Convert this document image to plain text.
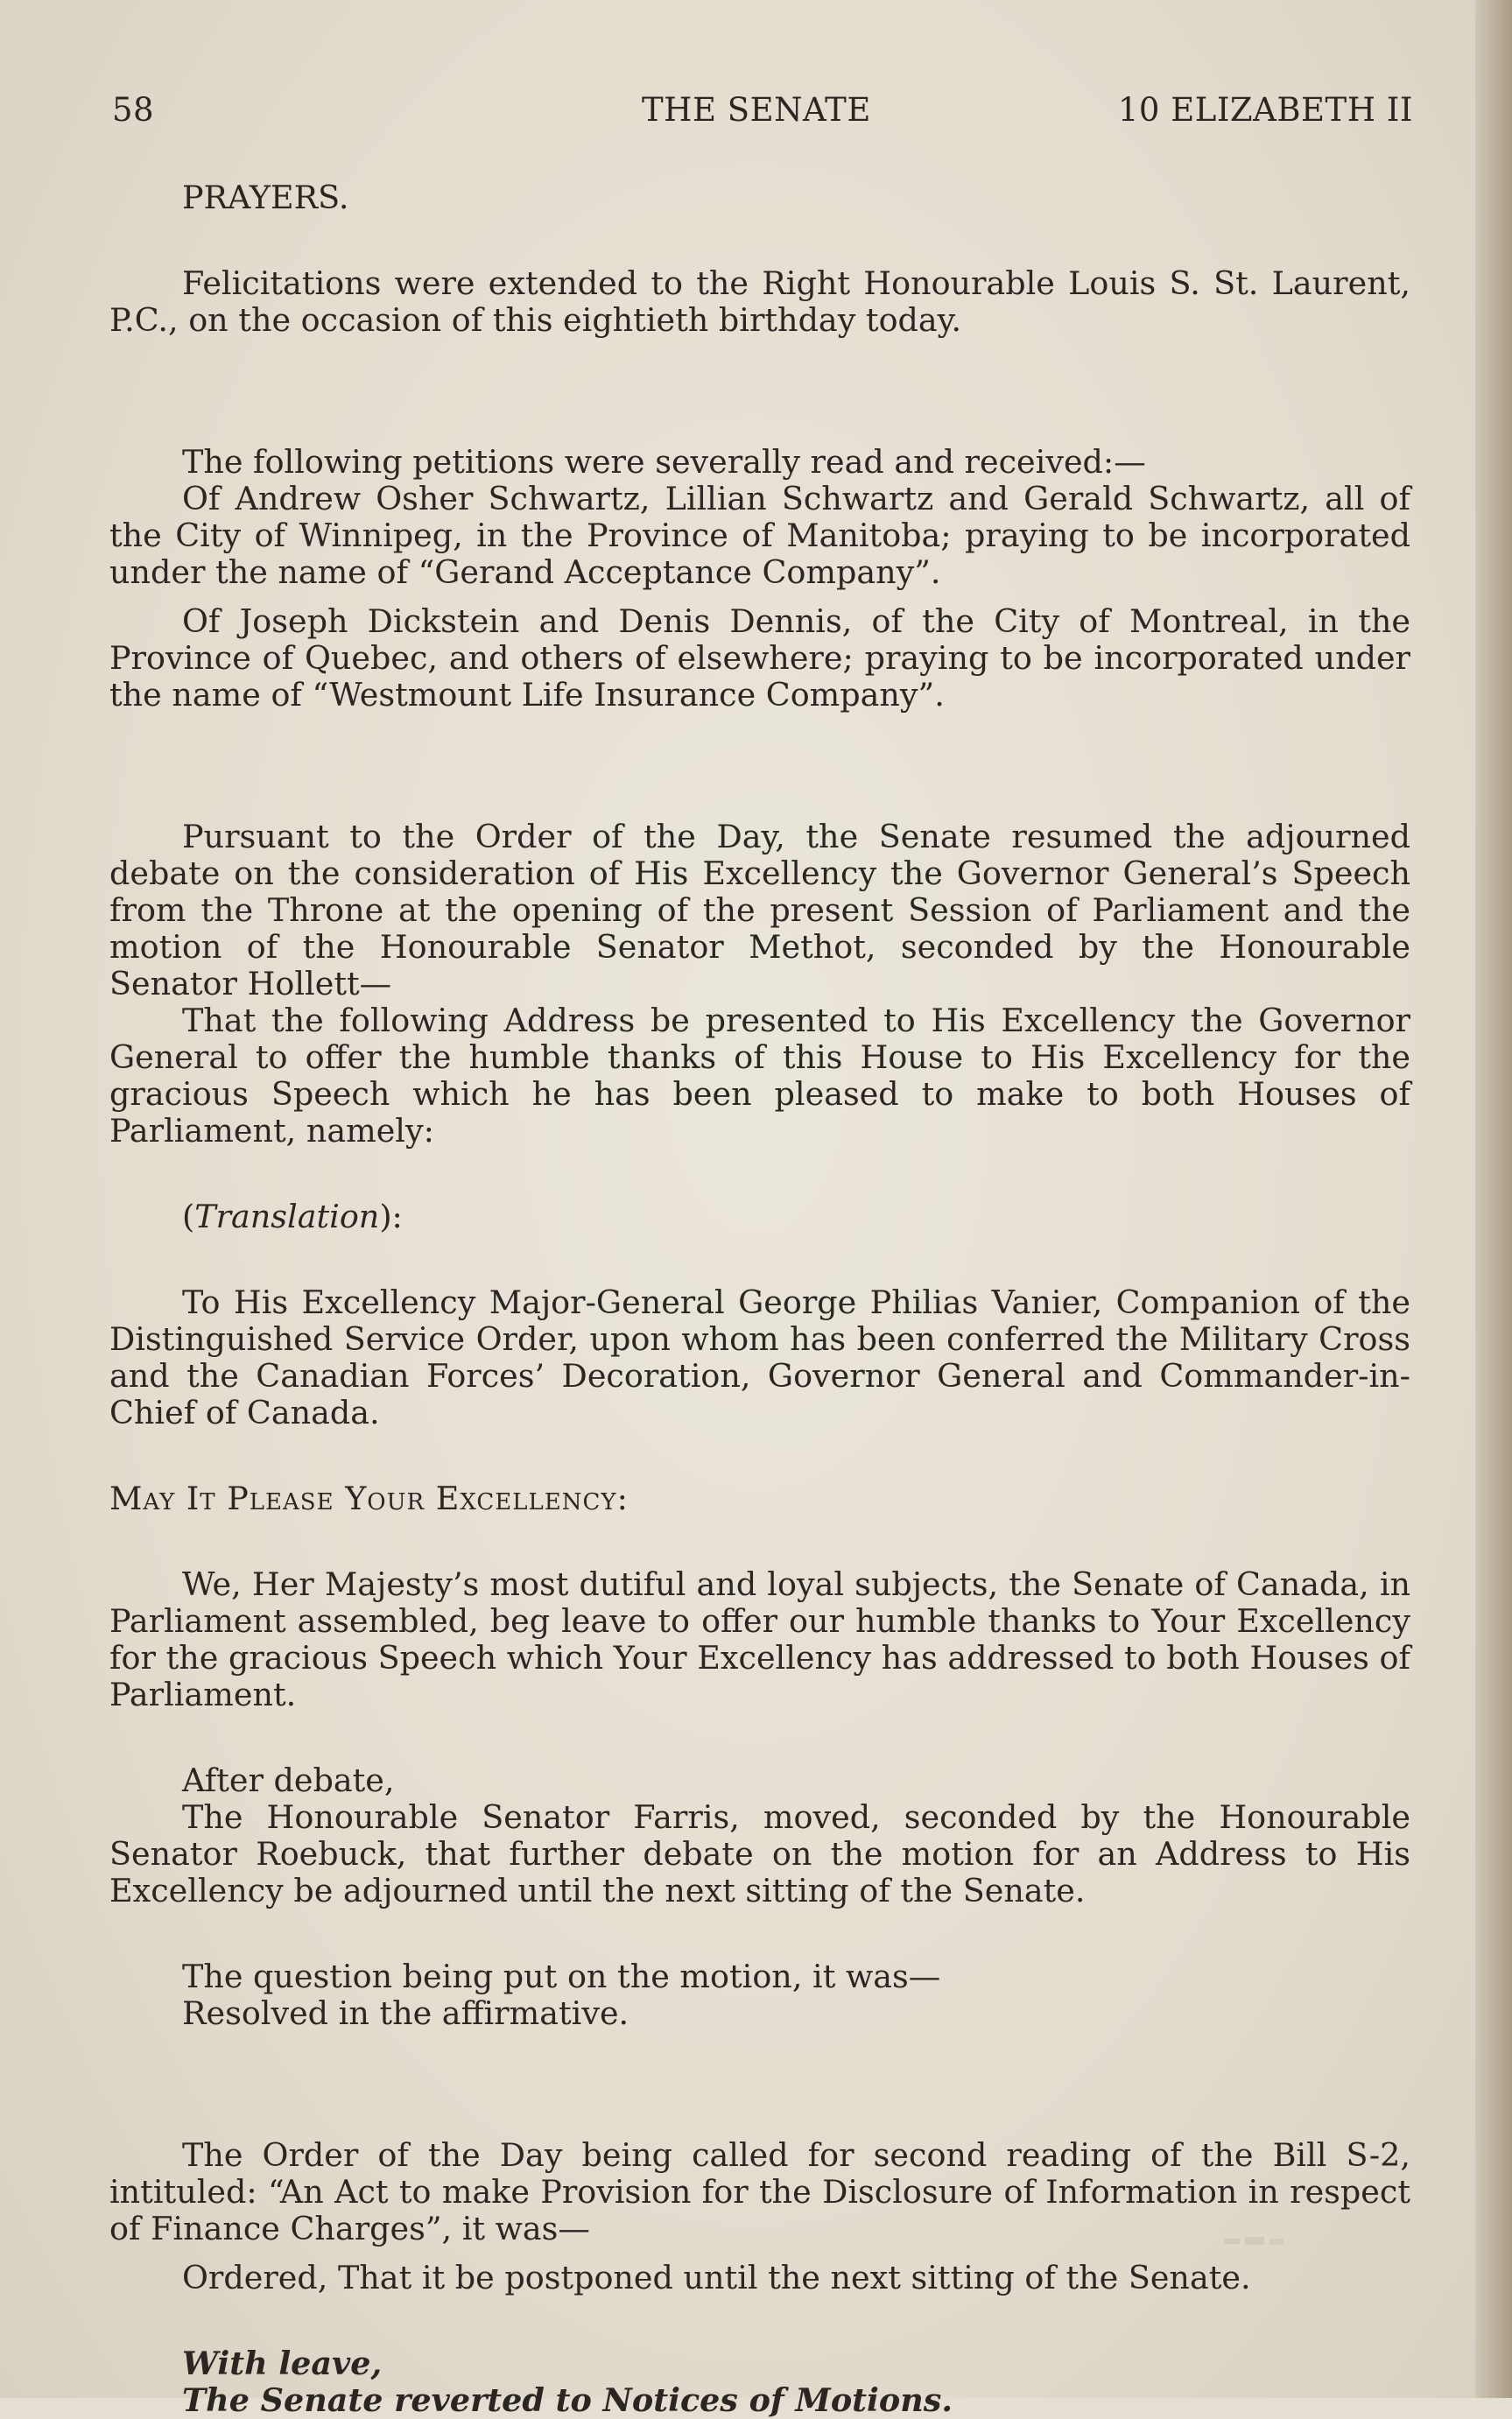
58	THE SENATE	10 ELIZABETH II

PRAYERS.

Felicitations were extended to the Right Honourable Louis S. St. Laurent, P.C., on the occasion of this eightieth birthday today.

The following petitions were severally read and received:—

Of Andrew Osher Schwartz, Lillian Schwartz and Gerald Schwartz, all of the City of Winnipeg, in the Province of Manitoba; praying to be incorporated under the name of “Gerand Acceptance Company”.

Of Joseph Dickstein and Denis Dennis, of the City of Montreal, in the Province of Quebec, and others of elsewhere; praying to be incorporated under the name of “Westmount Life Insurance Company”.

Pursuant to the Order of the Day, the Senate resumed the adjourned debate on the consideration of His Excellency the Governor General’s Speech from the Throne at the opening of the present Session of Parliament and the motion of the Honourable Senator Methot, seconded by the Honourable Senator Hollett—

That the following Address be presented to His Excellency the Governor General to offer the humble thanks of this House to His Excellency for the gracious Speech which he has been pleased to make to both Houses of Parliament, namely:

(Translation):

To His Excellency Major-General George Philias Vanier, Companion of the Distinguished Service Order, upon whom has been conferred the Military Cross and the Canadian Forces’ Decoration, Governor General and Commander-in-Chief of Canada.

May It Please Your Excellency:

We, Her Majesty’s most dutiful and loyal subjects, the Senate of Canada, in Parliament assembled, beg leave to offer our humble thanks to Your Excellency for the gracious Speech which Your Excellency has addressed to both Houses of Parliament.

After debate,

The Honourable Senator Farris, moved, seconded by the Honourable Senator Roebuck, that further debate on the motion for an Address to His Excellency be adjourned until the next sitting of the Senate.

The question being put on the motion, it was—

Resolved in the affirmative.

The Order of the Day being called for second reading of the Bill S-2, intituled: “An Act to make Provision for the Disclosure of Information in respect of Finance Charges”, it was—

Ordered, That it be postponed until the next sitting of the Senate.

With leave,

The Senate reverted to Notices of Motions.
